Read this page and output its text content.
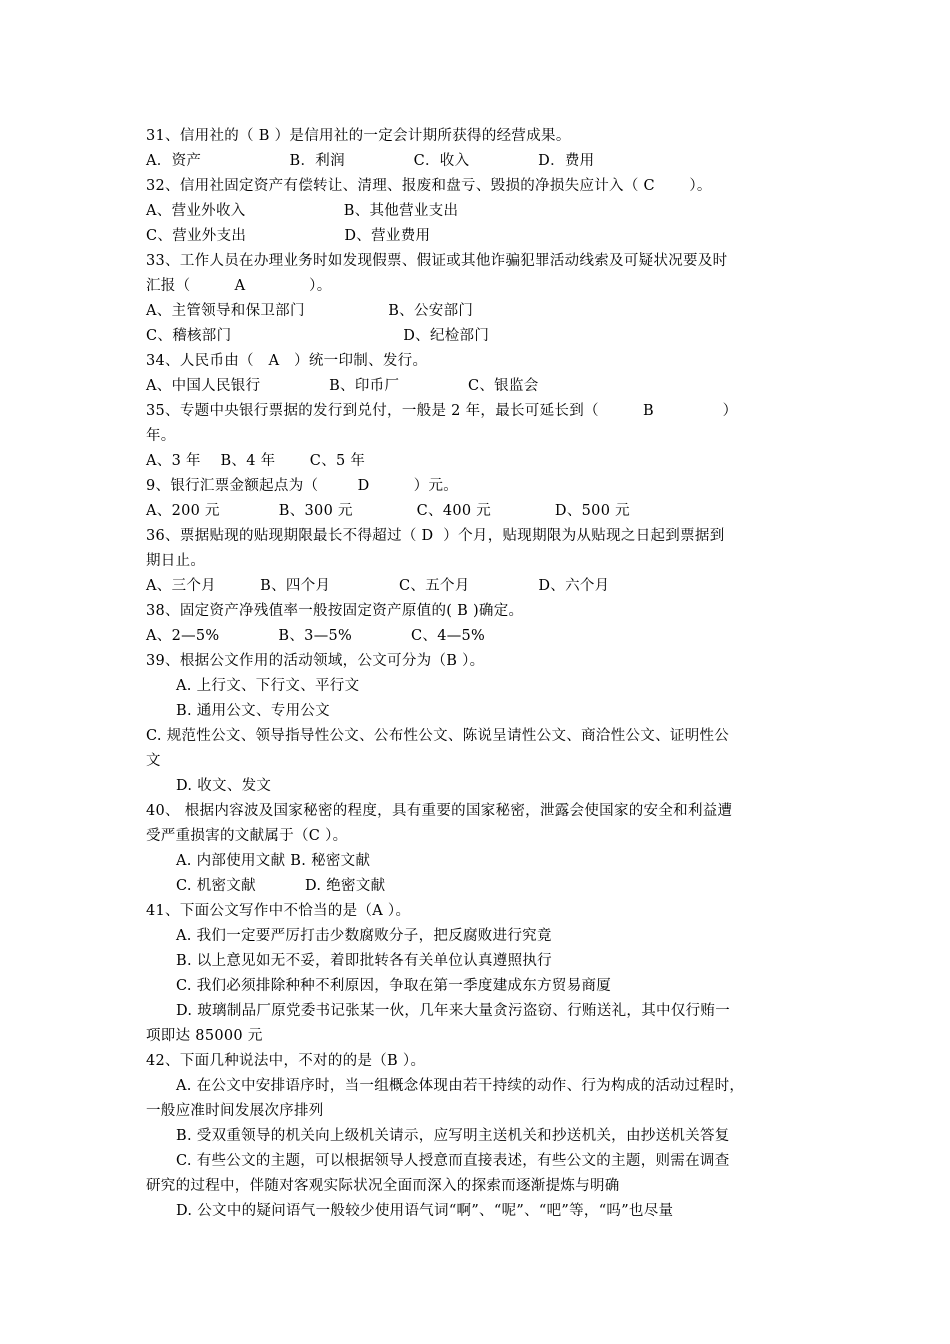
31、信用社的（ B ）是信用社的一定会计期所获得的经营成果。
A．资产                  B．利润              C．收入              D．费用
32、信用社固定资产有偿转让、清理、报废和盘亏、毁损的净损失应计入（ C       ）。
A、营业外收入                    B、其他营业支出
C、营业外支出                    D、营业费用
33、工作人员在办理业务时如发现假票、假证或其他诈骗犯罪活动线索及可疑状况要及时
汇报（         A             ）。
A、主管领导和保卫部门                 B、公安部门
C、稽核部门                                   D、纪检部门
34、人民币由（   A   ）统一印制、发行。
A、中国人民银行              B、印币厂              C、银监会
35、专题中央银行票据的发行到兑付，一般是 2 年，最长可延长到（         B              ）
年。
A、3 年    B、4 年       C、5 年
9、银行汇票金额起点为（        D         ）元。
A、200 元            B、300 元             C、400 元             D、500 元
36、票据贴现的贴现期限最长不得超过（ D  ）个月，贴现期限为从贴现之日起到票据到
期日止。
A、三个月         B、四个月              C、五个月              D、六个月
38、固定资产净残值率一般按固定资产原值的( B )确定。
A、2—5%            B、3—5%            C、4—5%
39、根据公文作用的活动领域，公文可分为（B ）。
A. 上行文、下行文、平行文
B. 通用公文、专用公文
C. 规范性公文、领导指导性公文、公布性公文、陈说呈请性公文、商洽性公文、证明性公
文
D. 收文、发文
40、 根据内容波及国家秘密的程度，具有重要的国家秘密，泄露会使国家的安全和利益遭
受严重损害的文献属于（C ）。
A. 内部使用文献 B. 秘密文献
C. 机密文献          D. 绝密文献
41、下面公文写作中不恰当的是（A ）。
A. 我们一定要严厉打击少数腐败分子，把反腐败进行究竟
B. 以上意见如无不妥，着即批转各有关单位认真遵照执行
C. 我们必须排除种种不利原因，争取在第一季度建成东方贸易商厦
D. 玻璃制品厂原党委书记张某一伙，几年来大量贪污盗窃、行贿送礼，其中仅行贿一
项即达 85000 元
42、下面几种说法中，不对的的是（B ）。
A. 在公文中安排语序时，当一组概念体现由若干持续的动作、行为构成的活动过程时，
一般应准时间发展次序排列
B. 受双重领导的机关向上级机关请示，应写明主送机关和抄送机关，由抄送机关答复
C. 有些公文的主题，可以根据领导人授意而直接表述，有些公文的主题，则需在调查
研究的过程中，伴随对客观实际状况全面而深入的探索而逐渐提炼与明确
D. 公文中的疑问语气一般较少使用语气词“啊”、“呢”、“吧”等，“吗”也尽量
